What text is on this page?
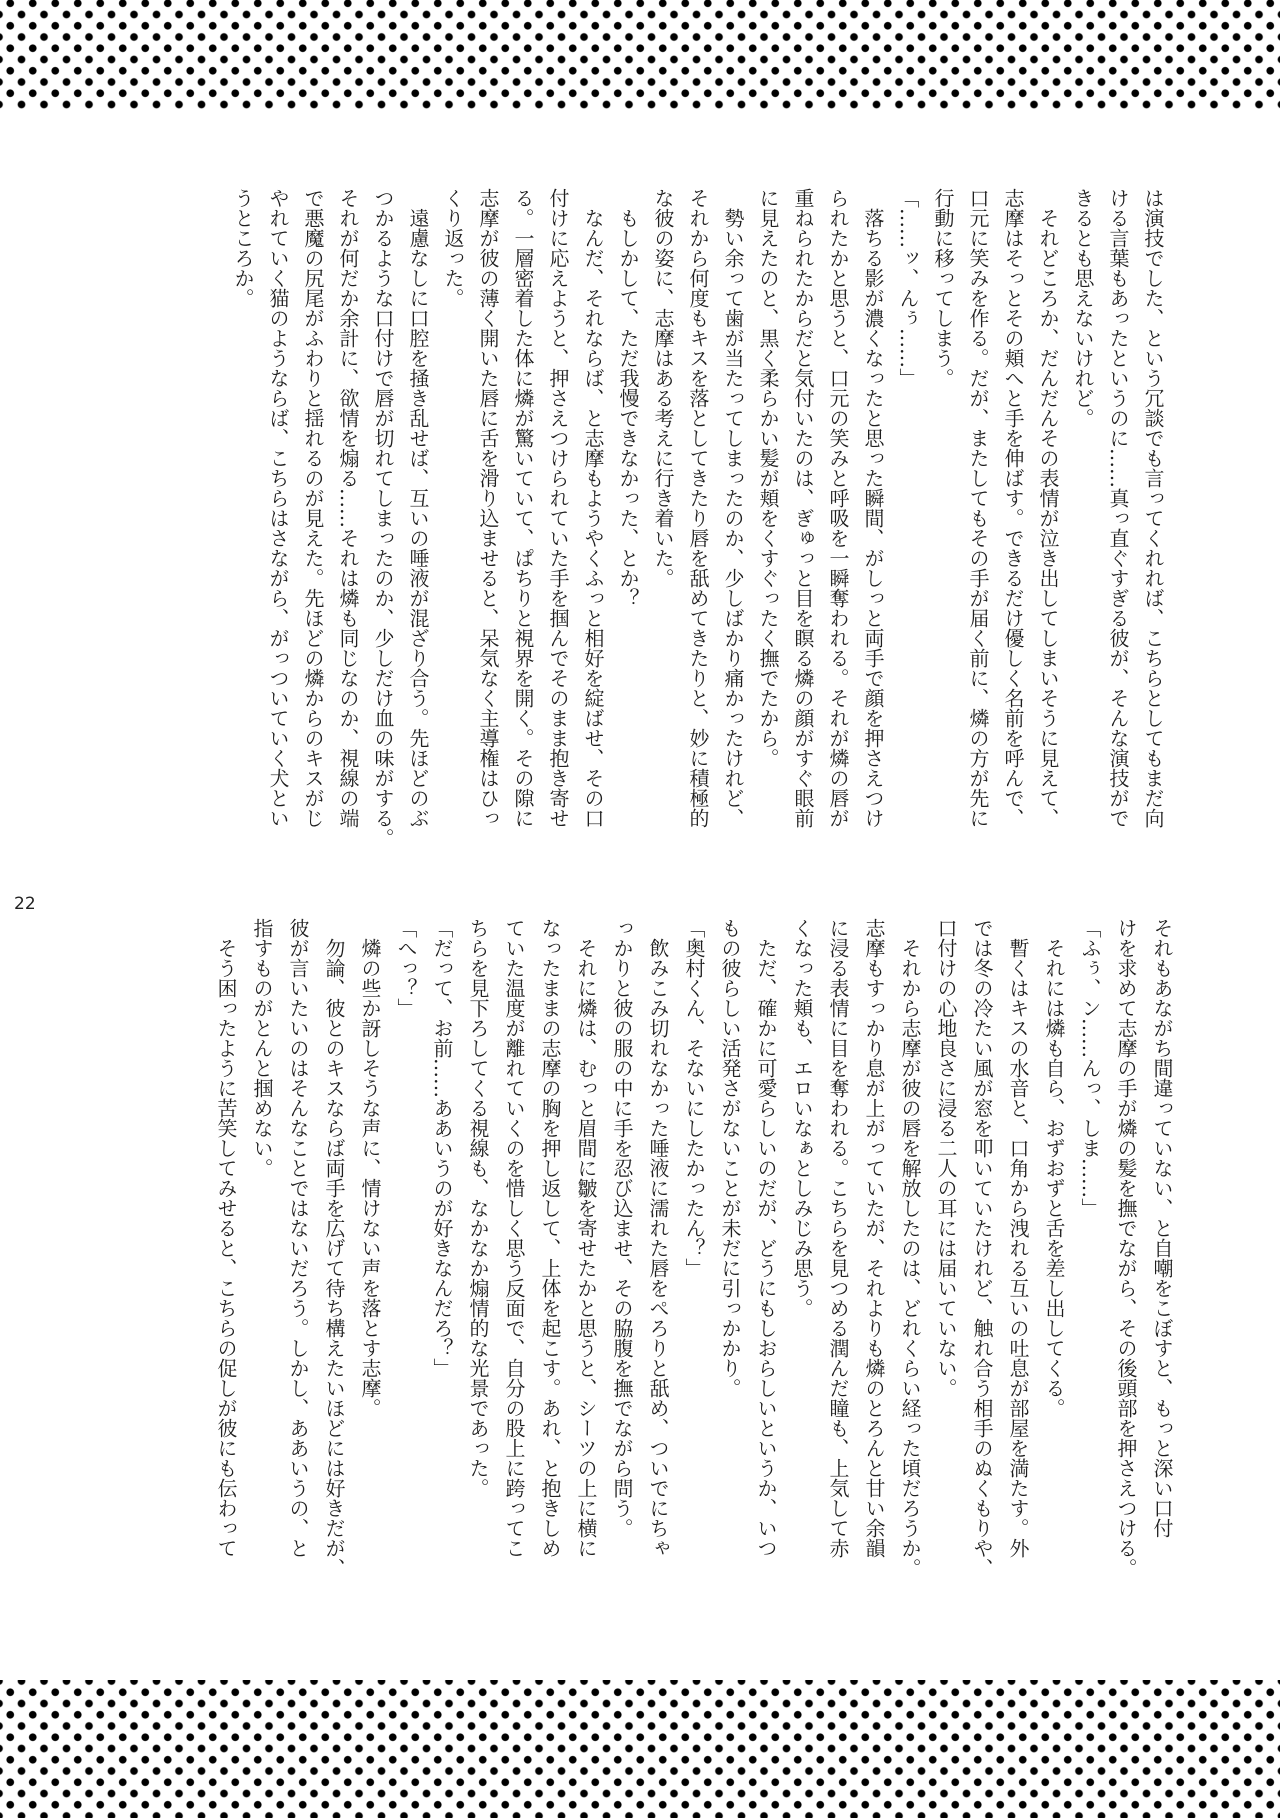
は演技でした、という冗談でも言ってくれれば、こちらとしてもまだ向
ける言葉もあったというのに……真っ直ぐすぎる彼が、そんな演技がで
きるとも思えないけれど。
　それどころか、だんだんその表情が泣き出してしまいそうに見えて、
志摩はそっとその頬へと手を伸ばす。できるだけ優しく名前を呼んで、
口元に笑みを作る。だが、またしてもその手が届く前に、燐の方が先に
行動に移ってしまう。
「……ッ、んぅ……」
　落ちる影が濃くなったと思った瞬間、がしっと両手で顔を押さえつけ
られたかと思うと、口元の笑みと呼吸を一瞬奪われる。それが燐の唇が
重ねられたからだと気付いたのは、ぎゅっと目を瞑る燐の顔がすぐ眼前
に見えたのと、黒く柔らかい髪が頬をくすぐったく撫でたから。
　勢い余って歯が当たってしまったのか、少しばかり痛かったけれど、
それから何度もキスを落としてきたり唇を舐めてきたりと、妙に積極的
な彼の姿に、志摩はある考えに行き着いた。
　もしかして、ただ我慢できなかった、とか？
　なんだ、それならば、と志摩もようやくふっと相好を綻ばせ、その口
付けに応えようと、押さえつけられていた手を掴んでそのまま抱き寄せ
る。一層密着した体に燐が驚いていて、ぱちりと視界を開く。その隙に
志摩が彼の薄く開いた唇に舌を滑り込ませると、呆気なく主導権はひっ
くり返った。
　遠慮なしに口腔を掻き乱せば、互いの唾液が混ざり合う。先ほどのぶ
つかるような口付けで唇が切れてしまったのか、少しだけ血の味がする。
それが何だか余計に、欲情を煽る……それは燐も同じなのか、視線の端
で悪魔の尻尾がふわりと揺れるのが見えた。先ほどの燐からのキスがじ
やれていく猫のようならば、こちらはさながら、がっついていく犬とい
うところか。
それもあながち間違っていない、と自嘲をこぼすと、もっと深い口付
けを求めて志摩の手が燐の髪を撫でながら、その後頭部を押さえつける。
「ふぅ、ン……んっ、しま……」
　それには燐も自ら、おずおずと舌を差し出してくる。
　暫くはキスの水音と、口角から洩れる互いの吐息が部屋を満たす。外
では冬の冷たい風が窓を叩いていたけれど、触れ合う相手のぬくもりや、
口付けの心地良さに浸る二人の耳には届いていない。
　それから志摩が彼の唇を解放したのは、どれくらい経った頃だろうか。
志摩もすっかり息が上がっていたが、それよりも燐のとろんと甘い余韻
に浸る表情に目を奪われる。こちらを見つめる潤んだ瞳も、上気して赤
くなった頬も、エロいなぁとしみじみ思う。
　ただ、確かに可愛らしいのだが、どうにもしおらしいというか、いつ
もの彼らしい活発さがないことが未だに引っかかり。
「奥村くん、そないにしたかったん？」
　飲みこみ切れなかった唾液に濡れた唇をぺろりと舐め、ついでにちゃ
っかりと彼の服の中に手を忍び込ませ、その脇腹を撫でながら問う。
　それに燐は、むっと眉間に皺を寄せたかと思うと、シーツの上に横に
なったままの志摩の胸を押し返して、上体を起こす。あれ、と抱きしめ
ていた温度が離れていくのを惜しく思う反面で、自分の股上に跨ってこ
ちらを見下ろしてくる視線も、なかなか煽情的な光景であった。
「だって、お前……ああいうのが好きなんだろ？」
「へっ？」
　燐の些か訝しそうな声に、情けない声を落とす志摩。
　勿論、彼とのキスならば両手を広げて待ち構えたいほどには好きだが、
彼が言いたいのはそんなことではないだろう。しかし、ああいうの、と
指すものがとんと掴めない。
　そう困ったように苦笑してみせると、こちらの促しが彼にも伝わって
22
